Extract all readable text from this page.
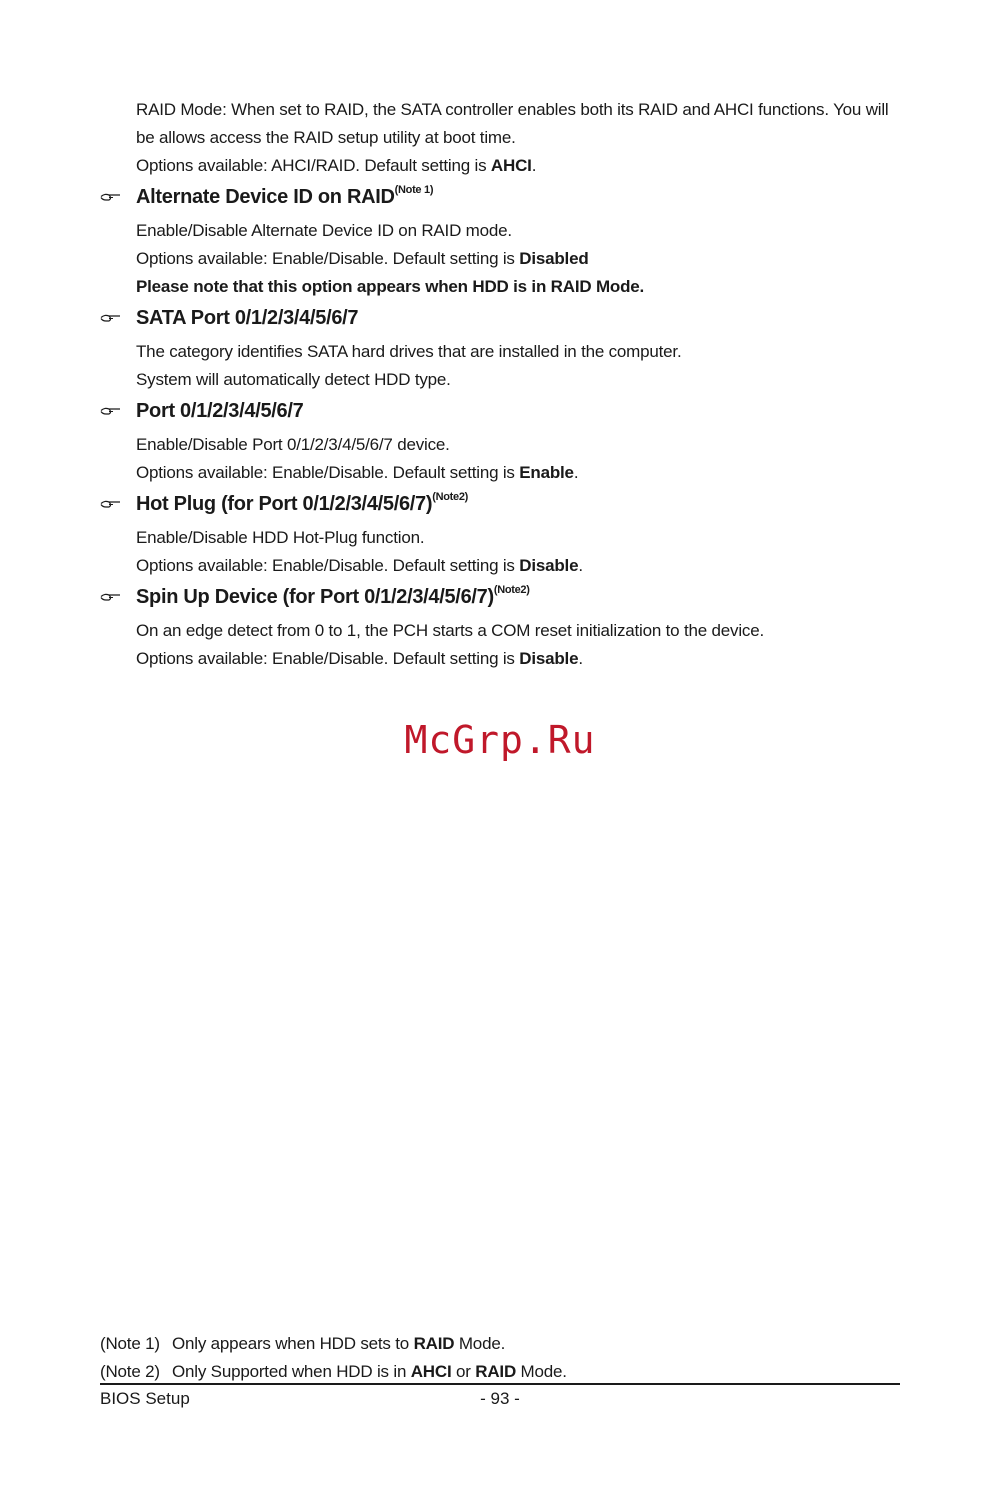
RAID Mode: When set to RAID, the SATA controller enables both its RAID and AHCI functions. You will

be allows access the RAID setup utility at boot time.

Options available: AHCI/RAID. Default setting is AHCI.

Alternate Device ID on $RAID^{(Note 1)}$

Enable/Disable Alternate Device ID on RAID mode.

Options available: Enable/Disable. Default setting is Disabled

Please note that this option appears when HDD is in RAID Mode.

SATA Port 0/1/2/3/4/5/6/7

The category identifies SATA hard drives that are installed in the computer.

System will automatically detect HDD type.

Port 0/1/2/3/4/5/6/7

Enable/Disable Port 0/1/2/3/4/5/6/7 device.

Options available: Enable/Disable. Default setting is Enable.

Hot Plug (for Port 0/1/2/3/4/5/6/7)$^{(Note2)}$

Enable/Disable HDD Hot-Plug function.

Options available: Enable/Disable. Default setting is Disable.

Spin Up Device (for Port 0/1/2/3/4/5/6/7)$^{(Note2)}$

On an edge detect from 0 to 1, the PCH starts a COM reset initialization to the device.

Options available: Enable/Disable. Default setting is Disable.

McGrp.Ru
(Note 1) Only appears when HDD sets to RAID Mode.
(Note 2) Only Supported when HDD is in AHCI or RAID Mode.
BIOS Setup	- 93 -
